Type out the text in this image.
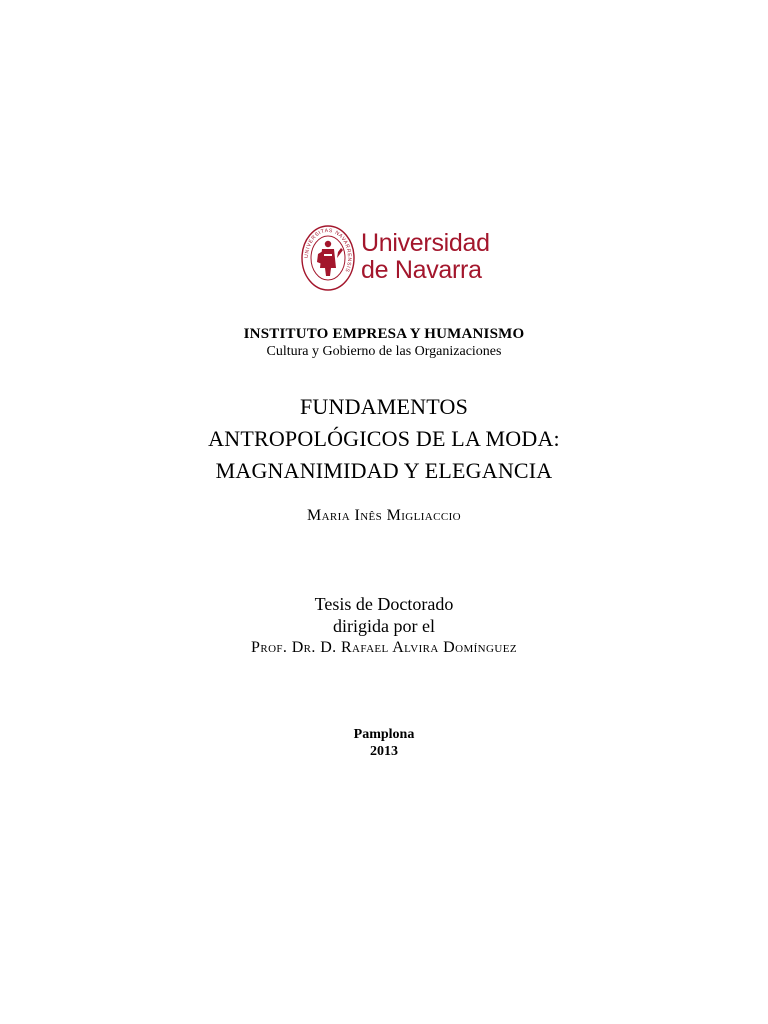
UNIVERSITAS NAVARRENSIS
Universidad
de Navarra
INSTITUTO EMPRESA Y HUMANISMO
Cultura y Gobierno de las Organizaciones
FUNDAMENTOS
ANTROPOLÓGICOS DE LA MODA:
MAGNANIMIDAD Y ELEGANCIA
Maria Inês Migliaccio
Tesis de Doctorado
dirigida por el
Prof. Dr. D. Rafael Alvira Domínguez
Pamplona
2013
